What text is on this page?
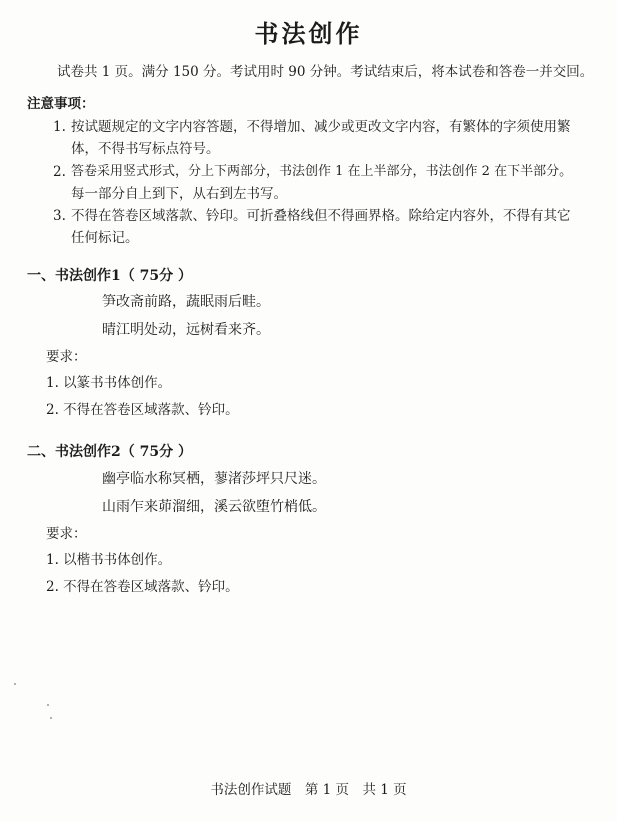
书法创作
试卷共 1 页。满分 150 分。考试用时 90 分钟。考试结束后，将本试卷和答卷一并交回。
注意事项：
1. 按试题规定的文字内容答题，不得增加、减少或更改文字内容，有繁体的字须使用繁
体，不得书写标点符号。
2. 答卷采用竖式形式，分上下两部分，书法创作 1 在上半部分，书法创作 2 在下半部分。
每一部分自上到下，从右到左书写。
3. 不得在答卷区域落款、钤印。可折叠格线但不得画界格。除给定内容外，不得有其它
任何标记。
一、书法创作1（ 75分 ）
笋改斋前路，蔬眠雨后畦。
晴江明处动，远树看来齐。
要求：
1. 以篆书书体创作。
2. 不得在答卷区域落款、钤印。
二、书法创作2（ 75分 ）
幽亭临水称冥栖，蓼渚莎坪只尺迷。
山雨乍来茆溜细，溪云欲堕竹梢低。
要求：
1. 以楷书书体创作。
2. 不得在答卷区域落款、钤印。
书法创作试题　第 1 页　共 1 页
